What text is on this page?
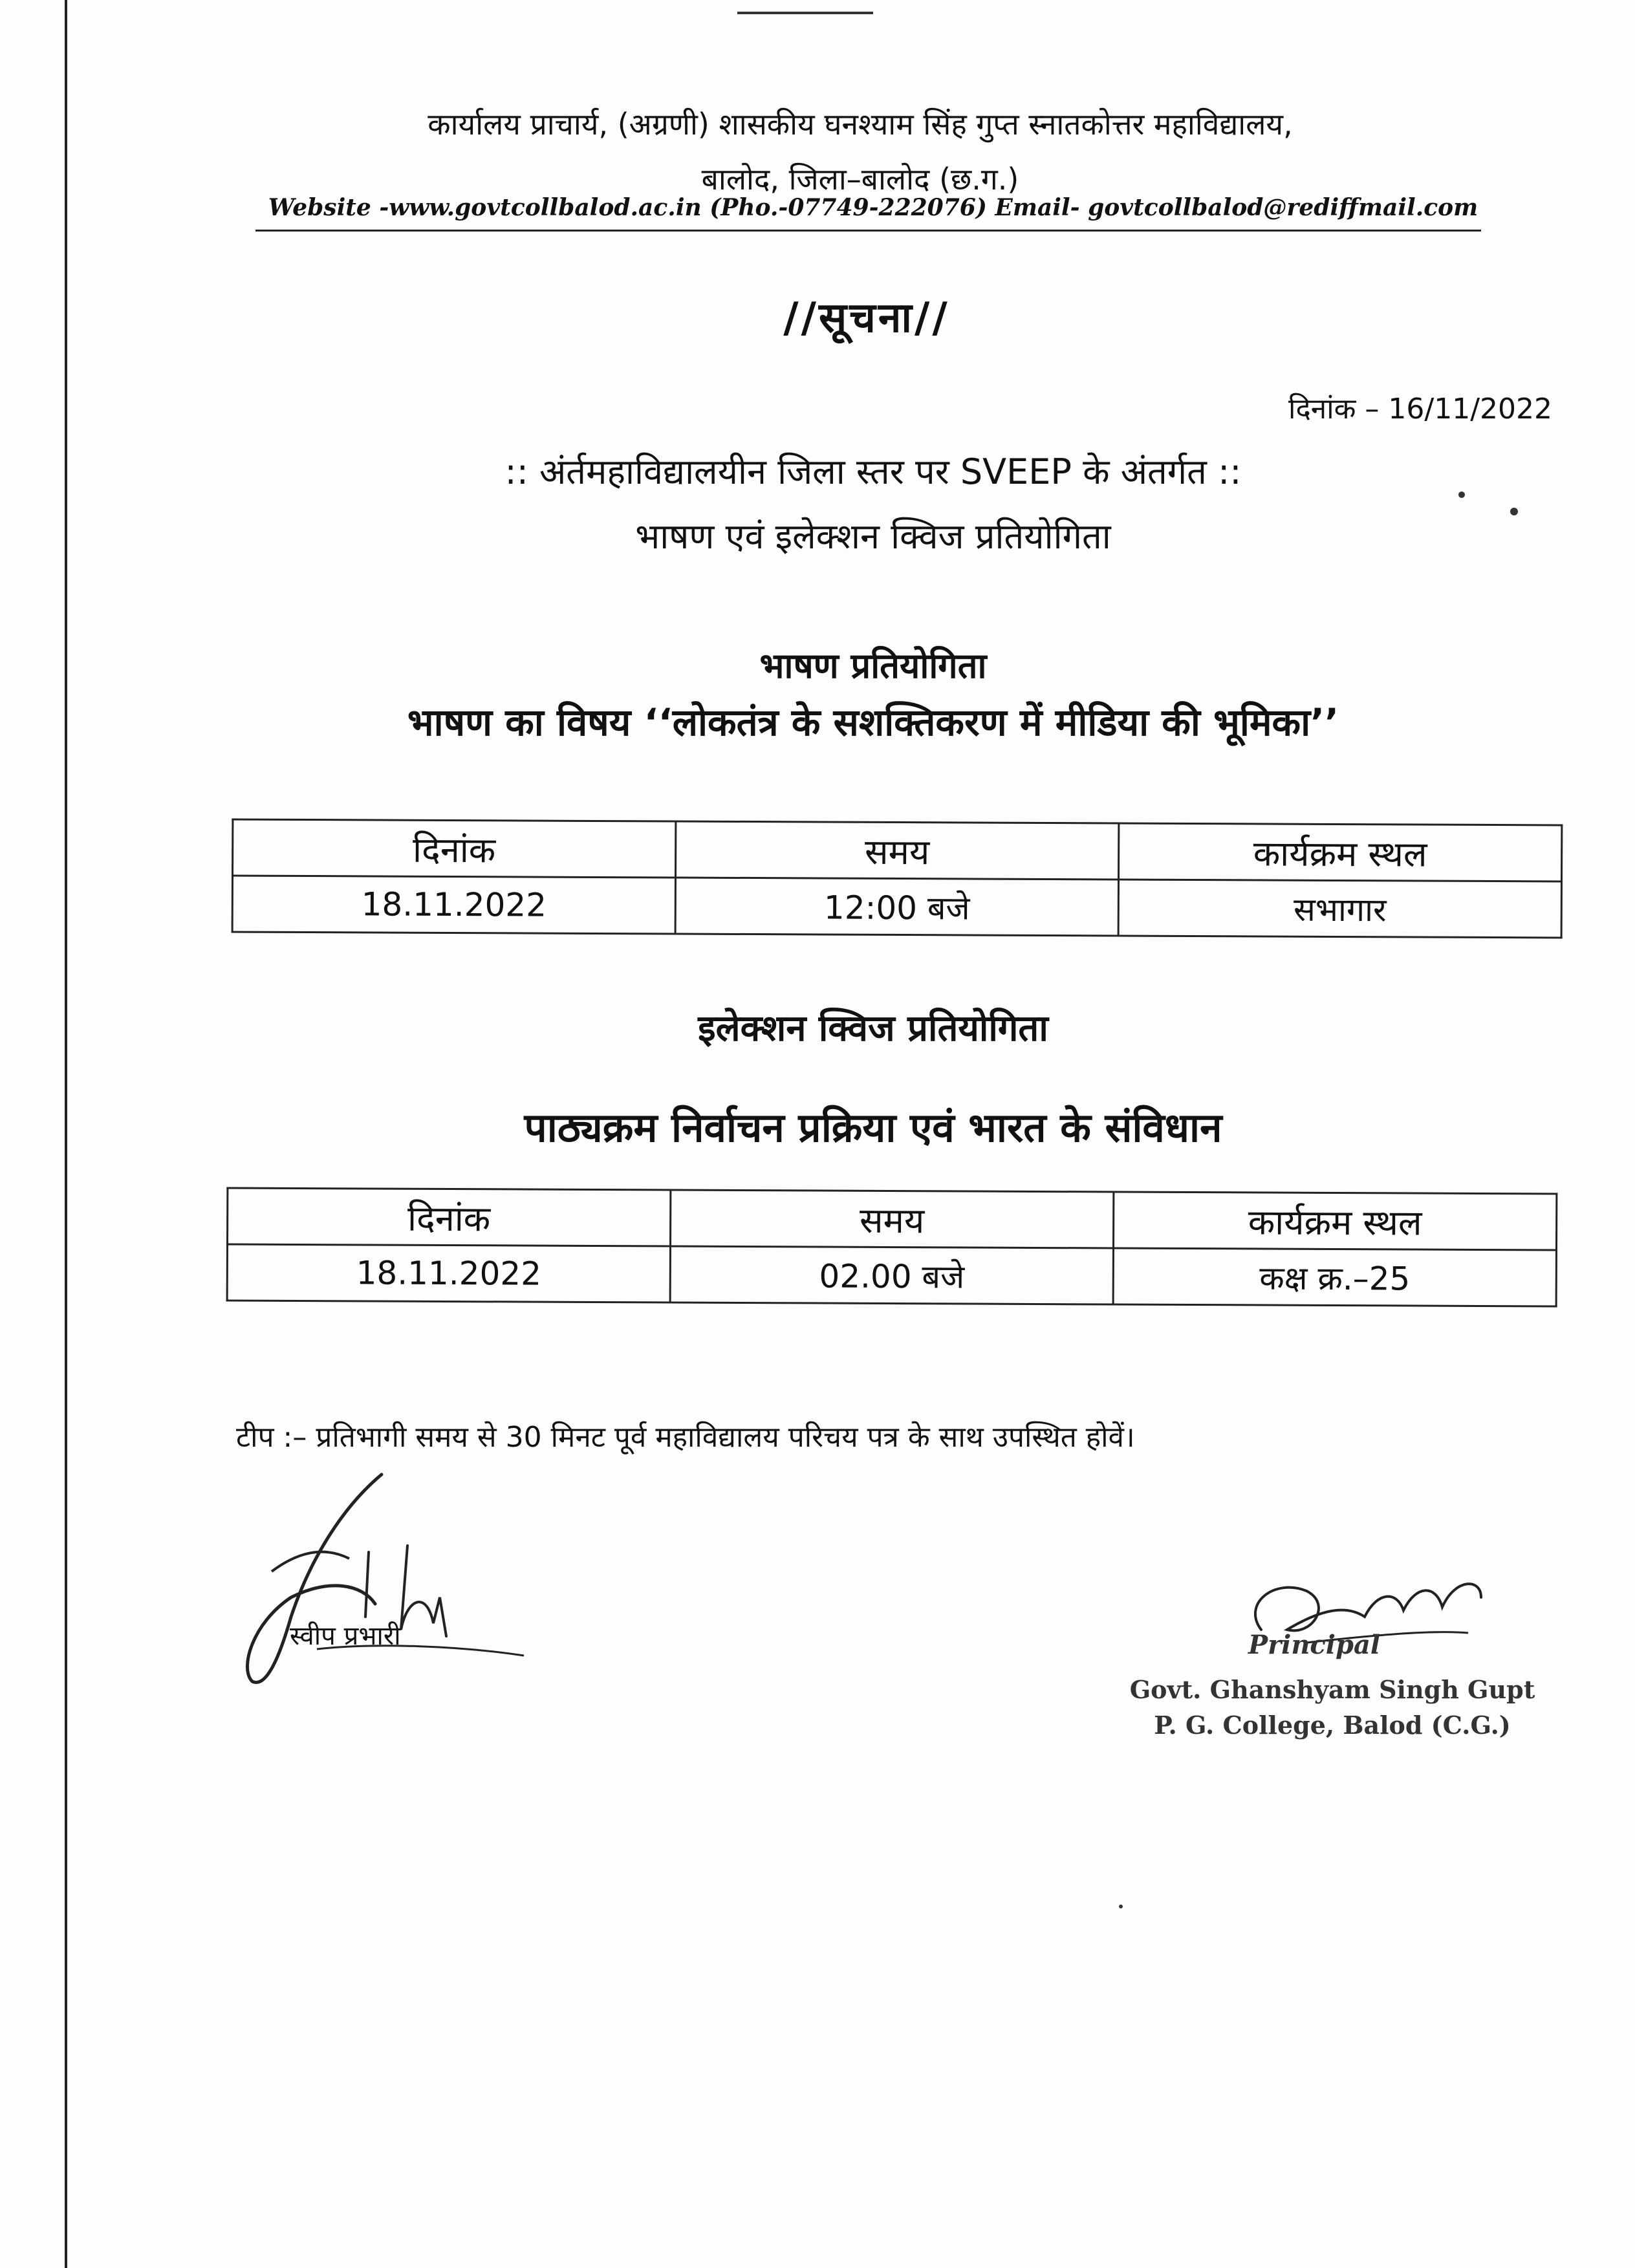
कार्यालय प्राचार्य, (अग्रणी) शासकीय घनश्याम सिंह गुप्त स्नातकोत्तर महाविद्यालय,
बालोद, जिला–बालोद (छ.ग.)
Website -www.govtcollbalod.ac.in (Pho.-07749-222076) Email- govtcollbalod@rediffmail.com
//सूचना//
दिनांक – 16/11/2022
:: अंर्तमहाविद्यालयीन जिला स्तर पर SVEEP के अंतर्गत ::
भाषण एवं इलेक्शन क्विज प्रतियोगिता
भाषण प्रतियोगिता
भाषण का विषय ‘‘लोकतंत्र के सशक्तिकरण में मीडिया की भूमिका’’
दिनांक	समय	कार्यक्रम स्थल
18.11.2022	12:00 बजे	सभागार
इलेक्शन क्विज प्रतियोगिता
पाठ्यक्रम निर्वाचन प्रक्रिया एवं भारत के संविधान
दिनांक	समय	कार्यक्रम स्थल
18.11.2022	02.00 बजे	कक्ष क्र.–25
टीप :– प्रतिभागी समय से 30 मिनट पूर्व महाविद्यालय परिचय पत्र के साथ उपस्थित होवें।
स्वीप प्रभारी	Principal
Govt. Ghanshyam Singh Gupt
P. G. College, Balod (C.G.)
